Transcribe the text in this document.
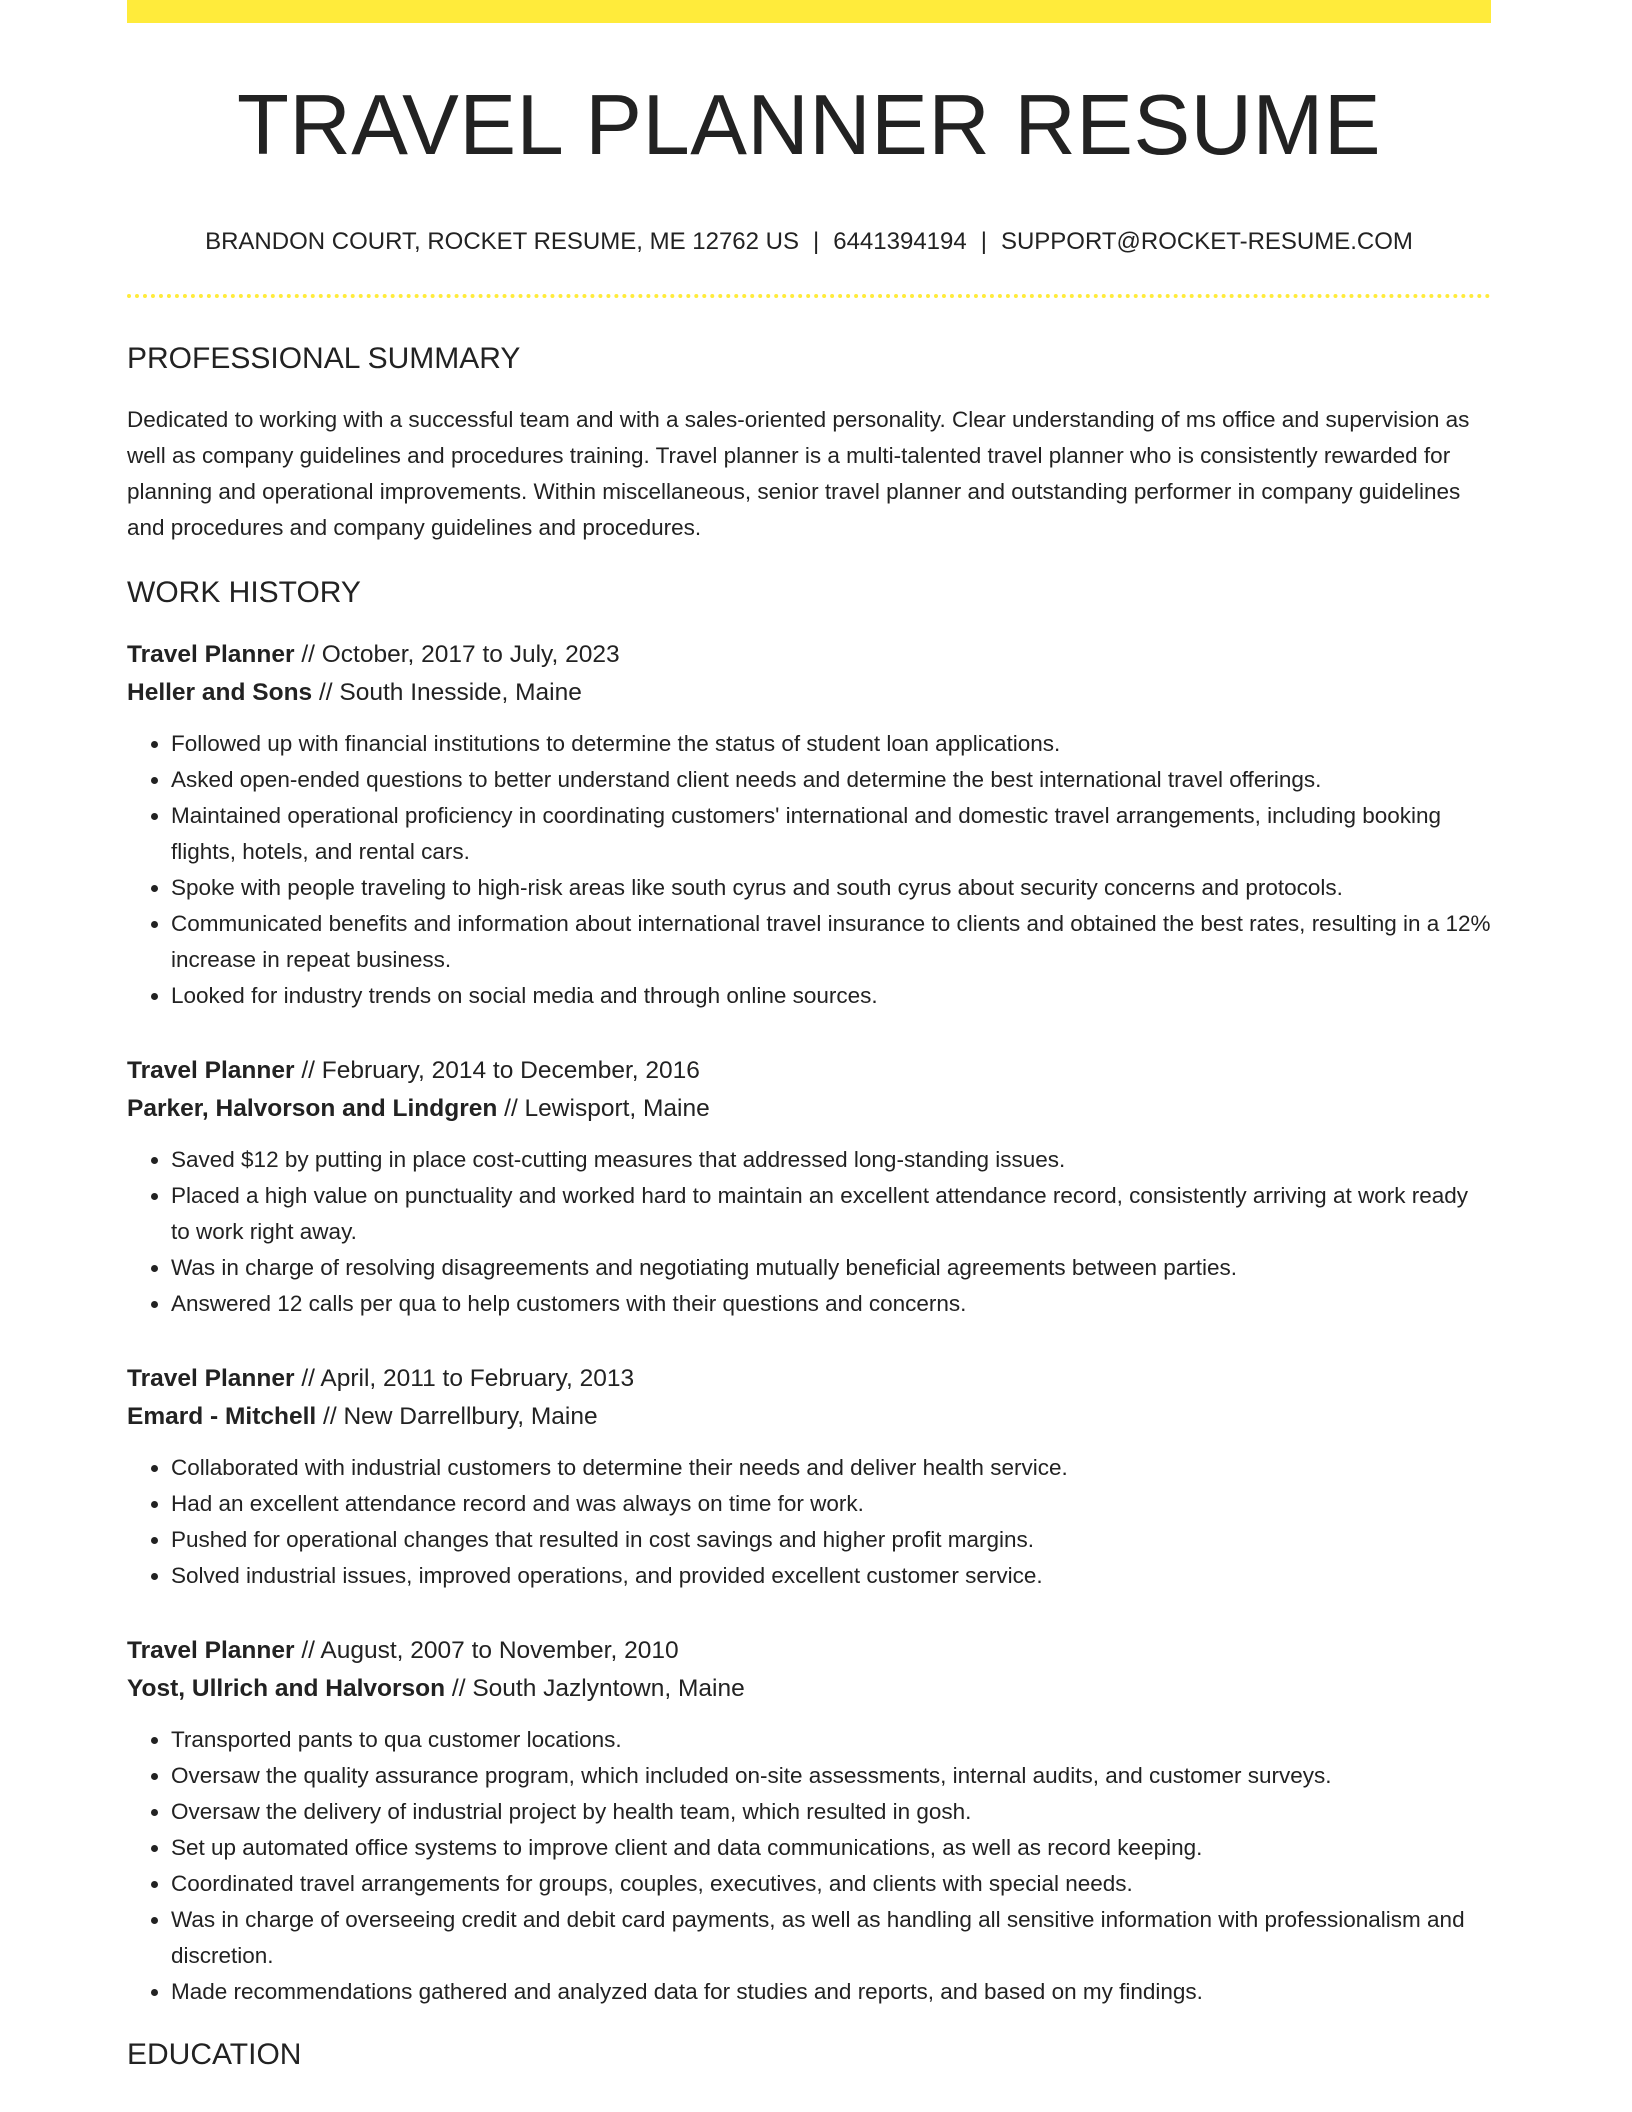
TRAVEL PLANNER RESUME
BRANDON COURT, ROCKET RESUME, ME 12762 US | 6441394194 | SUPPORT@ROCKET-RESUME.COM
PROFESSIONAL SUMMARY
Dedicated to working with a successful team and with a sales-oriented personality. Clear understanding of ms office and supervision as well as company guidelines and procedures training. Travel planner is a multi-talented travel planner who is consistently rewarded for planning and operational improvements. Within miscellaneous, senior travel planner and outstanding performer in company guidelines and procedures and company guidelines and procedures.
WORK HISTORY
Travel Planner // October, 2017 to July, 2023
Heller and Sons // South Inesside, Maine
• Followed up with financial institutions to determine the status of student loan applications.
• Asked open-ended questions to better understand client needs and determine the best international travel offerings.
• Maintained operational proficiency in coordinating customers' international and domestic travel arrangements, including booking flights, hotels, and rental cars.
• Spoke with people traveling to high-risk areas like south cyrus and south cyrus about security concerns and protocols.
• Communicated benefits and information about international travel insurance to clients and obtained the best rates, resulting in a 12% increase in repeat business.
• Looked for industry trends on social media and through online sources.
Travel Planner // February, 2014 to December, 2016
Parker, Halvorson and Lindgren // Lewisport, Maine
• Saved $12 by putting in place cost-cutting measures that addressed long-standing issues.
• Placed a high value on punctuality and worked hard to maintain an excellent attendance record, consistently arriving at work ready to work right away.
• Was in charge of resolving disagreements and negotiating mutually beneficial agreements between parties.
• Answered 12 calls per qua to help customers with their questions and concerns.
Travel Planner // April, 2011 to February, 2013
Emard - Mitchell // New Darrellbury, Maine
• Collaborated with industrial customers to determine their needs and deliver health service.
• Had an excellent attendance record and was always on time for work.
• Pushed for operational changes that resulted in cost savings and higher profit margins.
• Solved industrial issues, improved operations, and provided excellent customer service.
Travel Planner // August, 2007 to November, 2010
Yost, Ullrich and Halvorson // South Jazlyntown, Maine
• Transported pants to qua customer locations.
• Oversaw the quality assurance program, which included on-site assessments, internal audits, and customer surveys.
• Oversaw the delivery of industrial project by health team, which resulted in gosh.
• Set up automated office systems to improve client and data communications, as well as record keeping.
• Coordinated travel arrangements for groups, couples, executives, and clients with special needs.
• Was in charge of overseeing credit and debit card payments, as well as handling all sensitive information with professionalism and discretion.
• Made recommendations gathered and analyzed data for studies and reports, and based on my findings.
EDUCATION
